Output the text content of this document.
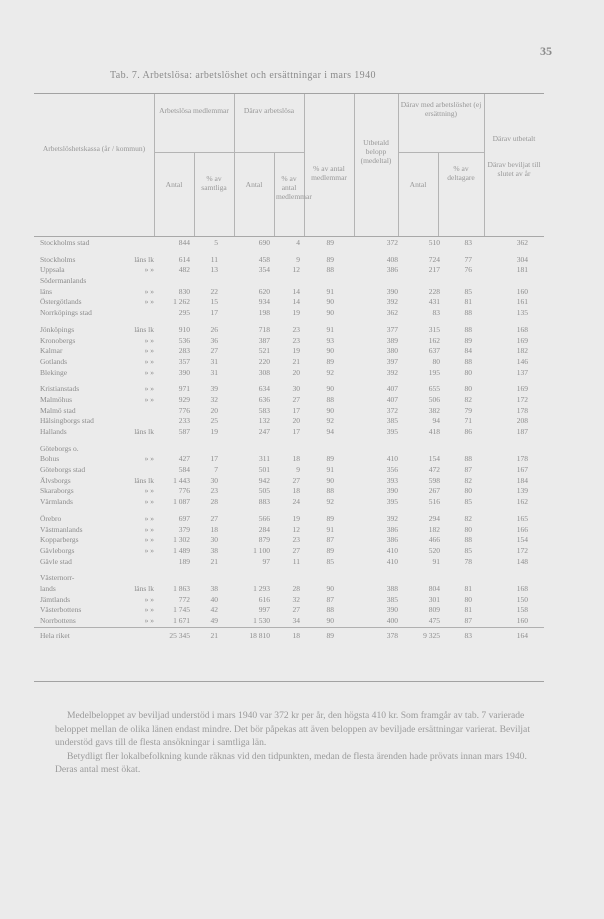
35
Tab. 7. Arbetslösa: arbetslöshet och ersättningar i mars 1940
Arbetslöshetskassa (år / kommun)
Arbetslösa medlemmar	Därav arbetslösa
Utbetald belopp (medeltal)
Därav med arbetslöshet (ej ersättning)
Därav utbetalt
Därav beviljat till slutet av år
Antal
% av samtliga	Antal
% av antal medlemmar
% av antal medlemmar
Antal
% av deltagare
Stockholms stad	844	5	690	4	89	372	510	83	362
Stockholms	läns lk	614	11	458	9	89	408	724	77	304
Uppsala	» »	482	13	354	12	88	386	217	76	181
Södermanlands
läns	» »	830	22	620	14	91	390	228	85	160
Östergötlands	» »	1 262	15	934	14	90	392	431	81	161
Norrköpings stad	295	17	198	19	90	362	83	88	135
Jönköpings	läns lk	910	26	718	23	91	377	315	88	168
Kronobergs	» »	536	36	387	23	93	389	162	89	169
Kalmar	» »	283	27	521	19	90	380	637	84	182
Gotlands	» »	357	31	220	21	89	397	80	88	146
Blekinge	» »	390	31	308	20	92	392	195	80	137
Kristianstads	» »	971	39	634	30	90	407	655	80	169
Malmöhus	» »	929	32	636	27	88	407	506	82	172
Malmö stad	776	20	583	17	90	372	382	79	178
Hälsingborgs stad	233	25	132	20	92	385	94	71	208
Hallands	läns lk	587	19	247	17	94	395	418	86	187
Göteborgs o.
Bohus	» »	427	17	311	18	89	410	154	88	178
Göteborgs stad	584	7	501	9	91	356	472	87	167
Älvsborgs	läns lk	1 443	30	942	27	90	393	598	82	184
Skaraborgs	» »	776	23	505	18	88	390	267	80	139
Värmlands	» »	1 087	28	883	24	92	395	516	85	162
Örebro	» »	697	27	566	19	89	392	294	82	165
Västmanlands	» »	379	18	284	12	91	386	182	80	166
Kopparbergs	» »	1 302	30	879	23	87	386	466	88	154
Gävleborgs	» »	1 489	38	1 100	27	89	410	520	85	172
Gävle stad	189	21	97	11	85	410	91	78	148
Västernorr-
lands	läns lk	1 863	38	1 293	28	90	388	804	81	168
Jämtlands	» »	772	40	616	32	87	385	301	80	150
Västerbottens	» »	1 745	42	997	27	88	390	809	81	158
Norrbottens	» »	1 671	49	1 530	34	90	400	475	87	160
Hela riket	25 345	21	18 810	18	89	378	9 325	83	164

Medelbeloppet av beviljad understöd i mars 1940 var 372 kr per år, den högsta 410 kr. Som framgår av tab. 7 varierade beloppet mellan de olika länen endast mindre. Det bör påpekas att även beloppen av beviljade ersättningar varierat. Beviljat understöd gavs till de flesta ansökningar i samtliga län.

Betydligt fler lokalbefolkning kunde räknas vid den tidpunkten, medan de flesta ärenden hade prövats innan mars 1940. Deras antal mest ökat.
